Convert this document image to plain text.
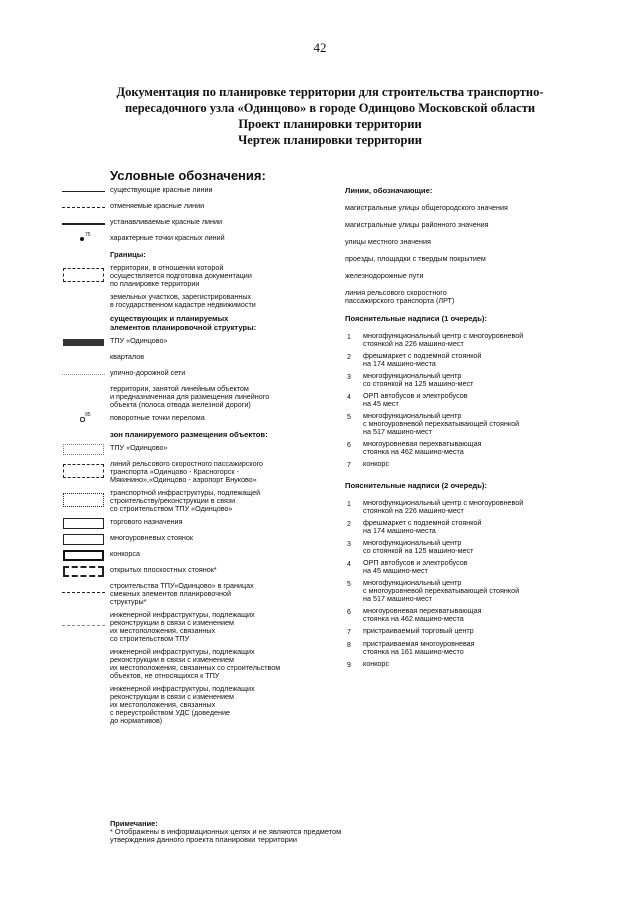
42
Документация по планировке территории для строительства транспортно-
пересадочного узла «Одинцово» в городе Одинцово Московской области
Проект планировки территории
Чертеж планировки территории
Условные обозначения:
существующие красные линии
отменяемые красные линии
устанавливаемые красные линии
75	характерные точки красных линий
Границы:
территории, в отношении которой
осуществляется подготовка документации
по планировке территории
земельных участков, зарегистрированных
в государственном кадастре недвижимости
существующих и планируемых
элементов планировочной структуры:
ТПУ «Одинцово»
кварталов
улично-дорожной сети
территории, занятой линейным объектом
и предназначенная для размещения линейного
объекта (полоса отвода железной дороги)
95	поворотные точки перелома
зон планируемого размещения объектов:
ТПУ «Одинцово»
линий рельсового скоростного пассажирского
транспорта «Одинцово - Красногорск -
Мякинино»,«Одинцово - аэропорт Внуково»
транспортной инфраструктуры, подлежащей
строительству/реконструкции в связи
со строительством ТПУ «Одинцово»
торгового назначения
многоуровневых стоянок
конкорса
открытых плоскостных стоянок*
строительства ТПУ«Одинцово» в границах
смежных элементов планировочной
структуры*
инженерной инфраструктуры, подлежащих
реконструкции в связи с изменением
их местоположения, связанных
со строительством ТПУ
инженерной инфраструктуры, подлежащих
реконструкции в связи с изменением
их местоположения, связанных со строительством
объектов, не относящихся к ТПУ
инженерной инфраструктуры, подлежащих
реконструкции в связи с изменением
их местоположения, связанных
с переустройством УДС (доведение
до нормативов)
Линии, обозначающие:
магистральные улицы общегородского значения
магистральные улицы районного значения
улицы местного значения
проезды, площадки с твердым покрытием
железнодорожные пути
линия рельсового скоростного
пассажирского транспорта (ЛРТ)
Пояснительные надписи (1 очередь):
1	многофункциональный центр с многоуровневой
стоянкой на 226 машино-мест
2	фрешмаркет с подземной стоянкой
на 174 машино-места
3	многофункциональный центр
со стоянкой на 125 машино-мест
4	ОРП автобусов и электробусов
на 45 мест
5	многофункциональный центр
с многоуровневой перехватывающей стоянкой
на 517 машино-мест
6	многоуровневая перехватывающая
стоянка на 462 машино-места
7	конкорс
Пояснительные надписи (2 очередь):
1	многофункциональный центр с многоуровневой
стоянкой на 226 машино-мест
2	фрешмаркет с подземной стоянкой
на 174 машино-места
3	многофункциональный центр
со стоянкой на 125 машино-мест
4	ОРП автобусов и электробусов
на 45 машино-мест
5	многофункциональный центр
с многоуровневой перехватывающей стоянкой
на 517 машино-мест
6	многоуровневая перехватывающая
стоянка на 462 машино-места
7	пристраиваемый торговый центр
8	пристраиваемая многоуровневая
стоянка на 161 машино-место
9	конкорс
Примечание:
* Отображены в информационных целях и не являются предметом
утверждения данного проекта планировки территории
